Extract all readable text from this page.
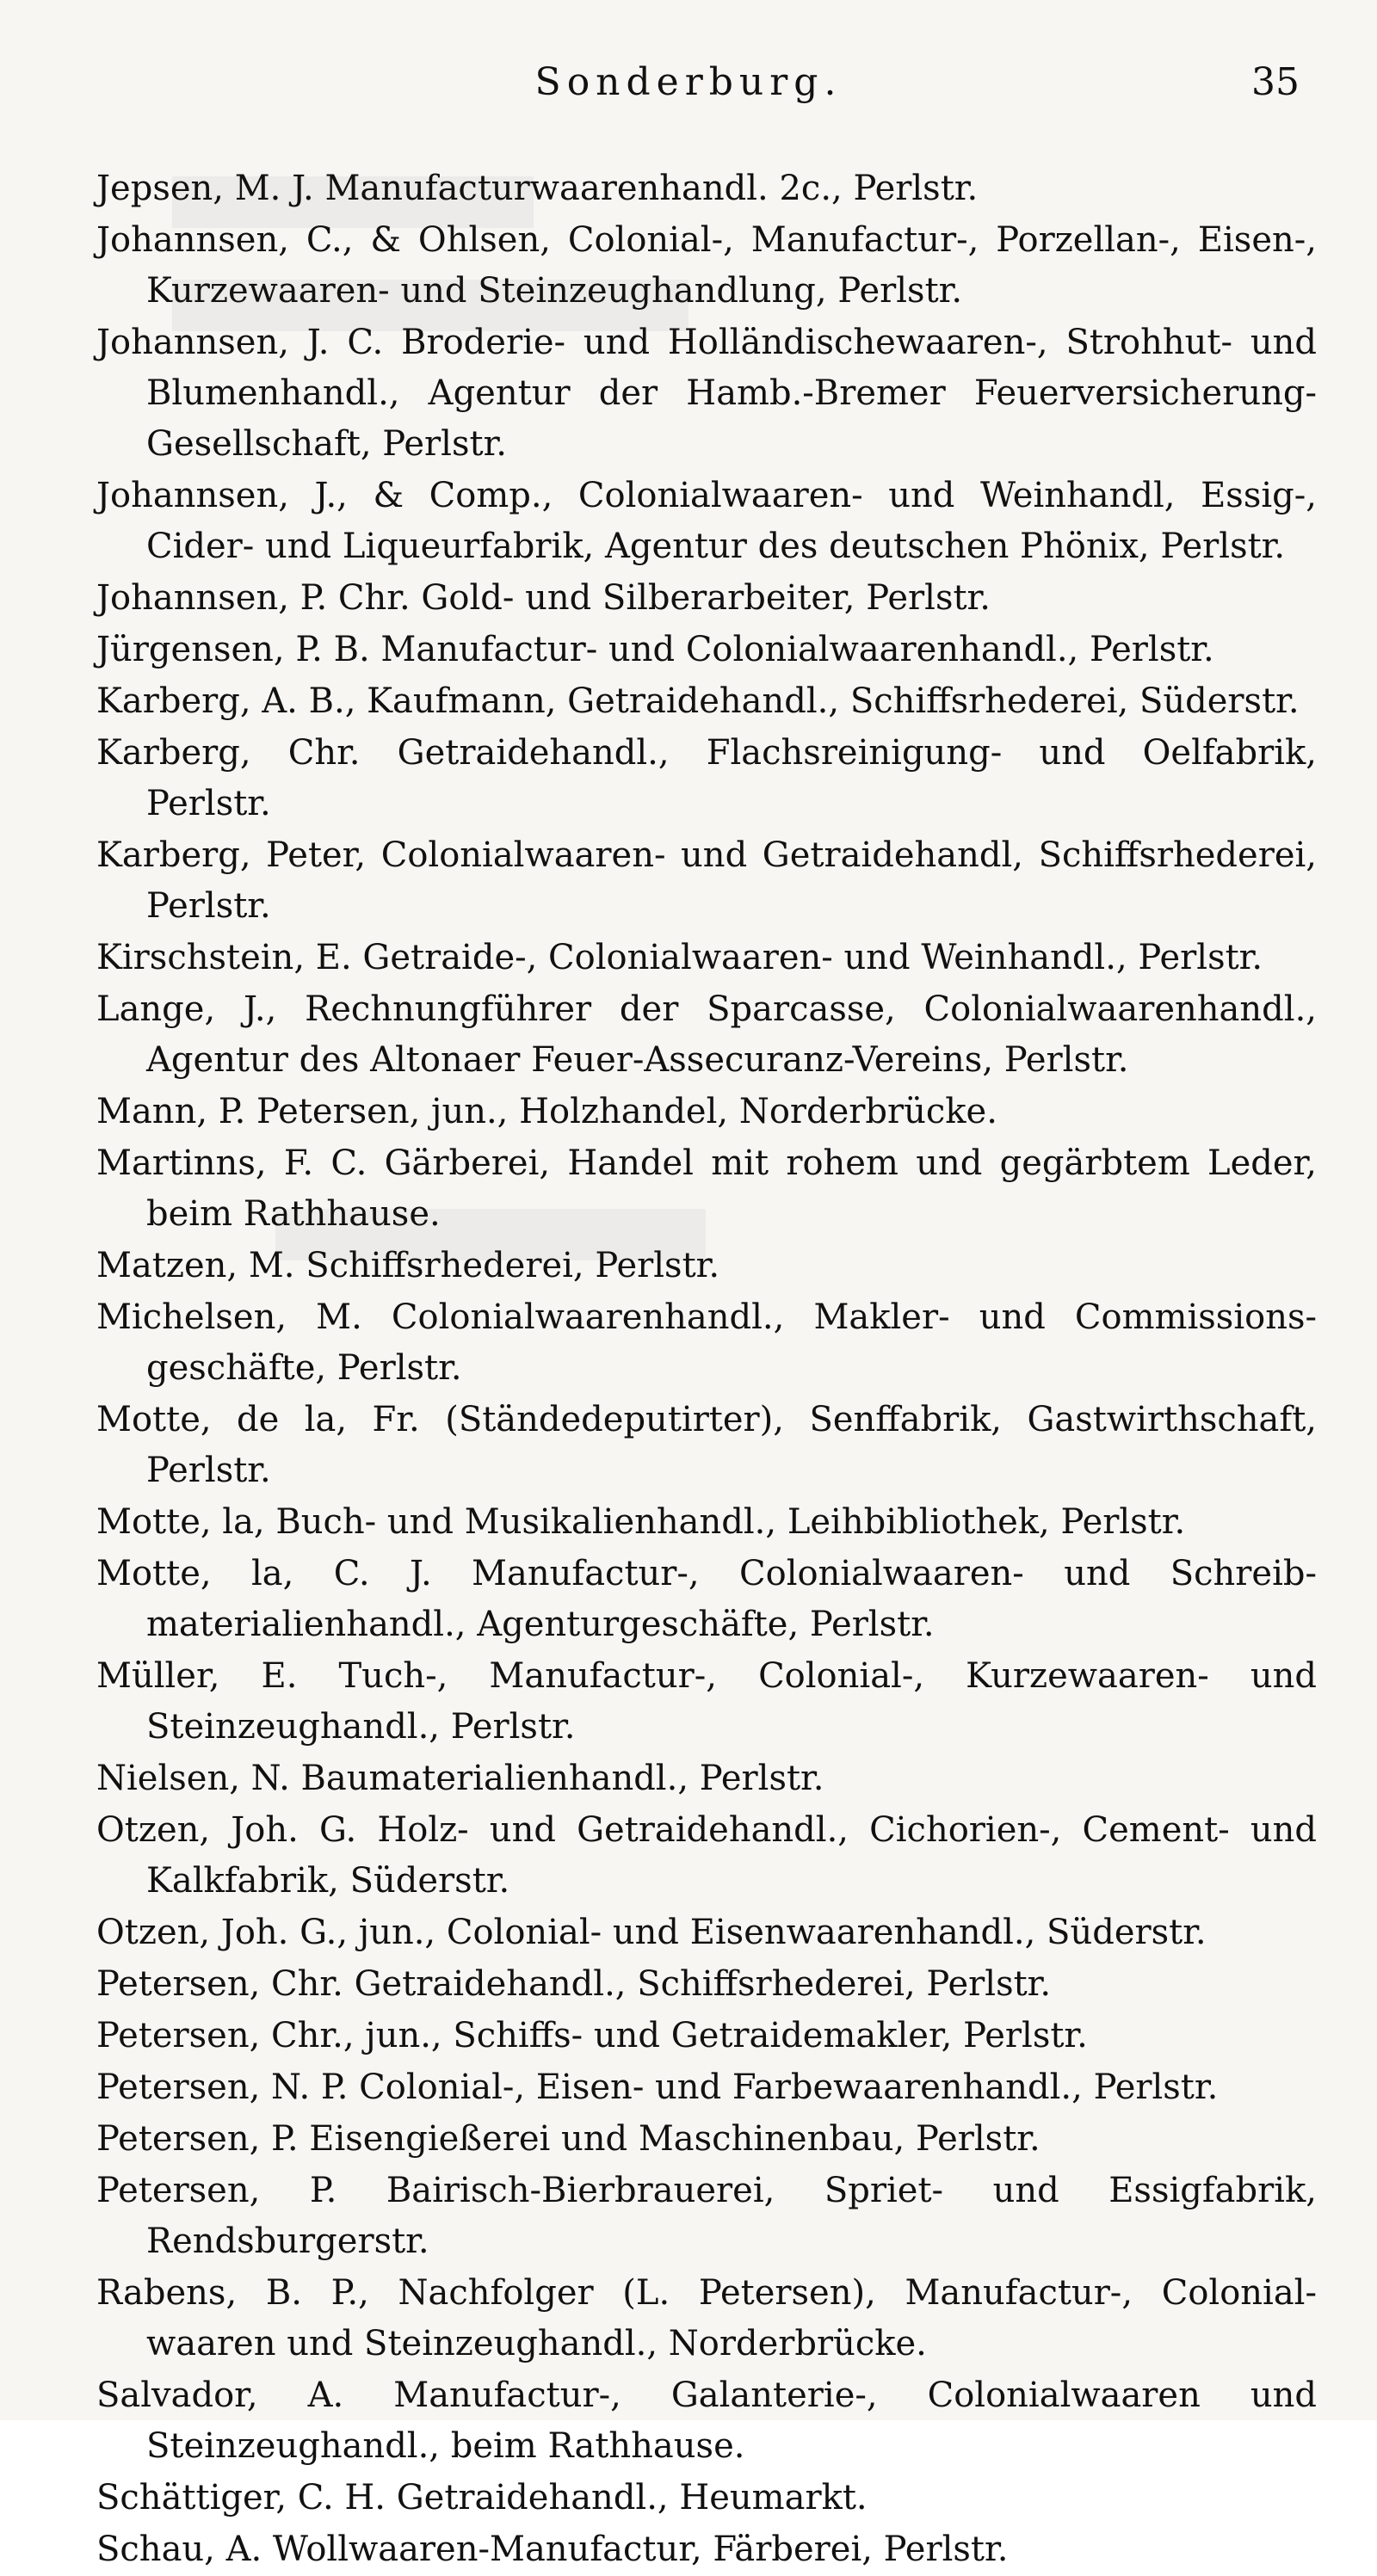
Sonderburg.	35

Jepsen, M. J. Manufacturwaarenhandl. 2c., Perlstr.

Johannsen, C., & Ohlsen, Colonial-, Manufactur-, Porzellan-, Eisen-, Kurzewaaren- und Steinzeughandlung, Perlstr.

Johannsen, J. C. Broderie- und Holländischewaaren-, Strohhut- und Blumenhandl., Agentur der Hamb.-Bremer Feuerversicherung-Gesellschaft, Perlstr.

Johannsen, J., & Comp., Colonialwaaren- und Weinhandl, Essig-, Cider- und Liqueurfabrik, Agentur des deutschen Phönix, Perlstr.

Johannsen, P. Chr. Gold- und Silberarbeiter, Perlstr.

Jürgensen, P. B. Manufactur- und Colonialwaarenhandl., Perlstr.

Karberg, A. B., Kaufmann, Getraidehandl., Schiffsrhederei, Süderstr.

Karberg, Chr. Getraidehandl., Flachsreinigung- und Oelfabrik, Perlstr.

Karberg, Peter, Colonialwaaren- und Getraidehandl, Schiffsrhederei, Perlstr.

Kirschstein, E. Getraide-, Colonialwaaren- und Weinhandl., Perlstr.

Lange, J., Rechnungführer der Sparcasse, Colonialwaarenhandl., Agentur des Altonaer Feuer-Assecuranz-Vereins, Perlstr.

Mann, P. Petersen, jun., Holzhandel, Norderbrücke.

Martinns, F. C. Gärberei, Handel mit rohem und gegärbtem Leder, beim Rathhause.

Matzen, M. Schiffsrhederei, Perlstr.

Michelsen, M. Colonialwaarenhandl., Makler- und Commissions-geschäfte, Perlstr.

Motte, de la, Fr. (Ständedeputirter), Senffabrik, Gastwirthschaft, Perlstr.

Motte, la, Buch- und Musikalienhandl., Leihbibliothek, Perlstr.

Motte, la, C. J. Manufactur-, Colonialwaaren- und Schreib-materialienhandl., Agenturgeschäfte, Perlstr.

Müller, E. Tuch-, Manufactur-, Colonial-, Kurzewaaren- und Steinzeughandl., Perlstr.

Nielsen, N. Baumaterialienhandl., Perlstr.

Otzen, Joh. G. Holz- und Getraidehandl., Cichorien-, Cement- und Kalkfabrik, Süderstr.

Otzen, Joh. G., jun., Colonial- und Eisenwaarenhandl., Süderstr.

Petersen, Chr. Getraidehandl., Schiffsrhederei, Perlstr.

Petersen, Chr., jun., Schiffs- und Getraidemakler, Perlstr.

Petersen, N. P. Colonial-, Eisen- und Farbewaarenhandl., Perlstr.

Petersen, P. Eisengießerei und Maschinenbau, Perlstr.

Petersen, P. Bairisch-Bierbrauerei, Spriet- und Essigfabrik, Rendsburgerstr.

Rabens, B. P., Nachfolger (L. Petersen), Manufactur-, Colonial-waaren und Steinzeughandl., Norderbrücke.

Salvador, A. Manufactur-, Galanterie-, Colonialwaaren und Steinzeughandl., beim Rathhause.

Schättiger, C. H. Getraidehandl., Heumarkt.

Schau, A. Wollwaaren-Manufactur, Färberei, Perlstr.
